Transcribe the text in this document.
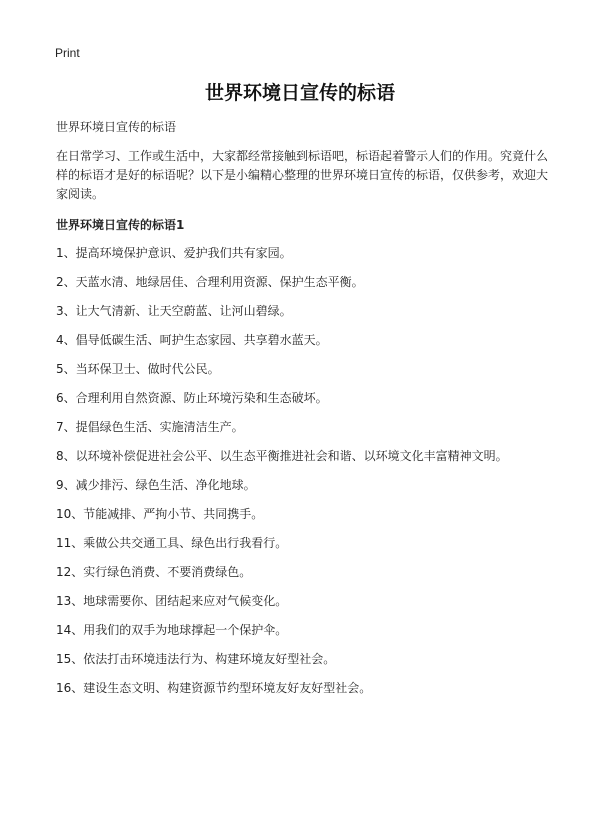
Print
世界环境日宣传的标语

世界环境日宣传的标语

在日常学习、工作或生活中，大家都经常接触到标语吧，标语起着警示人们的作用。究竟什么样的标语才是好的标语呢？以下是小编精心整理的世界环境日宣传的标语，仅供参考，欢迎大家阅读。

世界环境日宣传的标语1

1、提高环境保护意识、爱护我们共有家园。
2、天蓝水清、地绿居佳、合理利用资源、保护生态平衡。
3、让大气清新、让天空蔚蓝、让河山碧绿。
4、倡导低碳生活、呵护生态家园、共享碧水蓝天。
5、当环保卫士、做时代公民。
6、合理利用自然资源、防止环境污染和生态破坏。
7、提倡绿色生活、实施清洁生产。
8、以环境补偿促进社会公平、以生态平衡推进社会和谐、以环境文化丰富精神文明。
9、减少排污、绿色生活、净化地球。
10、节能减排、严拘小节、共同携手。
11、乘做公共交通工具、绿色出行我看行。
12、实行绿色消费、不要消费绿色。
13、地球需要你、团结起来应对气候变化。
14、用我们的双手为地球撑起一个保护伞。
15、依法打击环境违法行为、构建环境友好型社会。
16、建设生态文明、构建资源节约型环境友好友好型社会。
